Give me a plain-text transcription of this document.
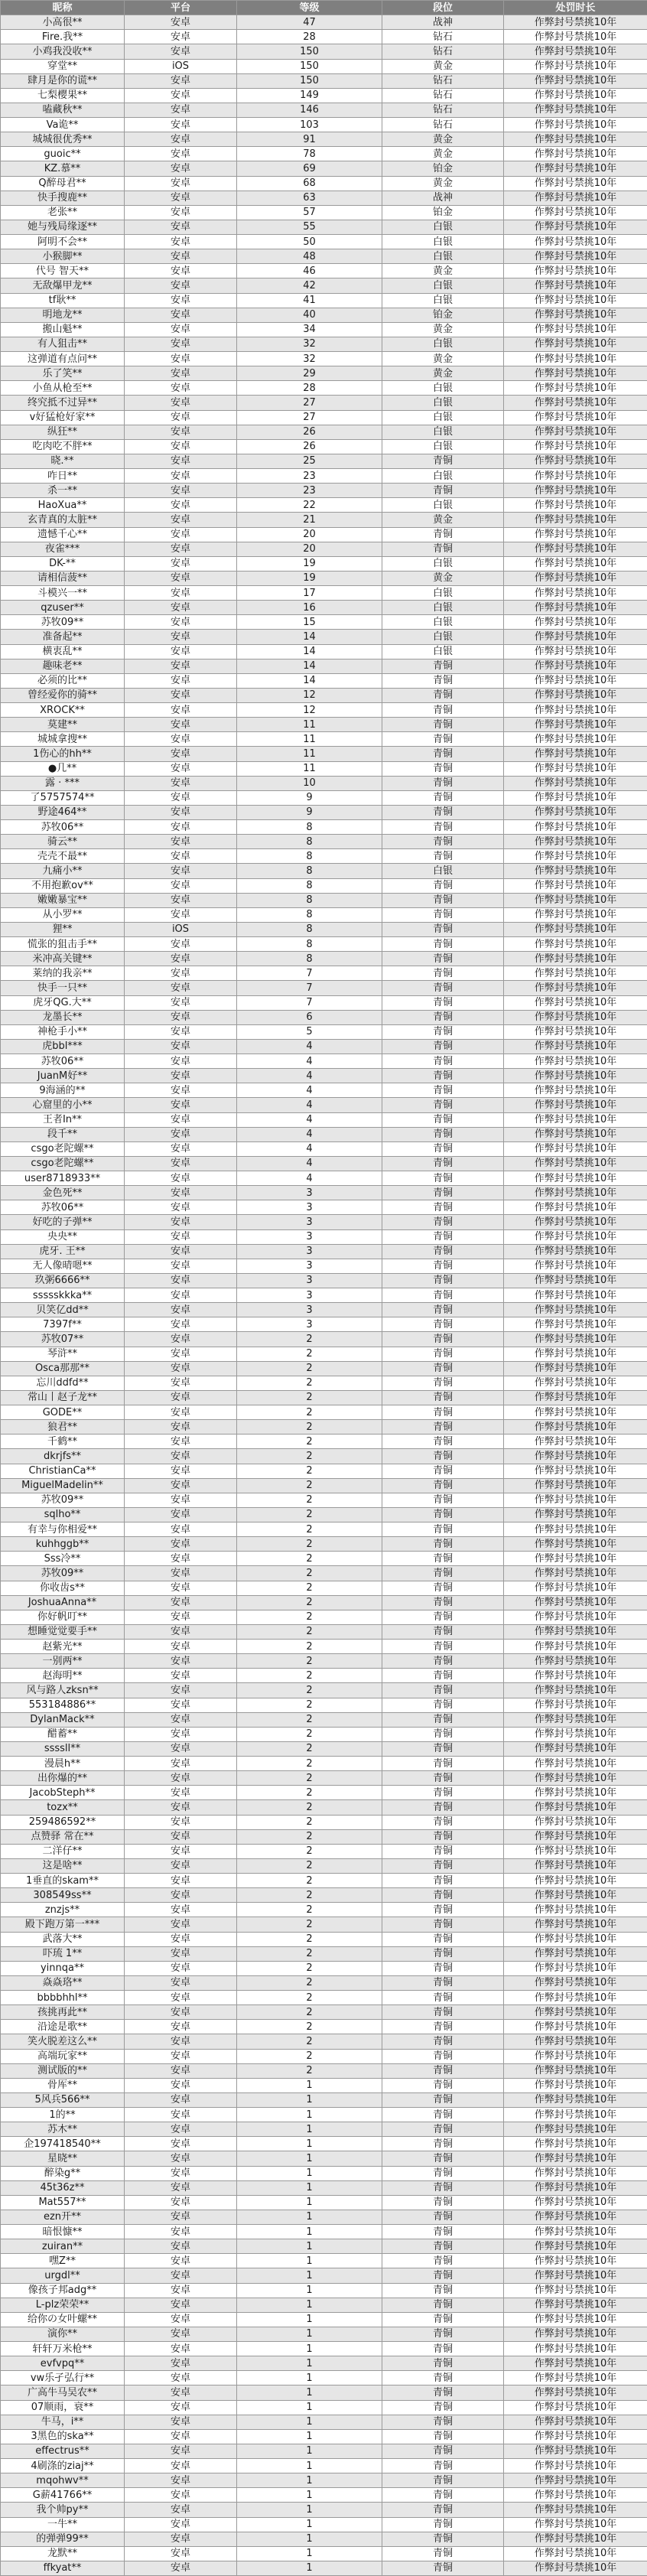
昵称	平台	等级	段位	处罚时长
小高很**	安卓	47	战神	作弊封号禁挑10年
Fire.我**	安卓	28	钻石	作弊封号禁挑10年
小鸡我没收**	安卓	150	钻石	作弊封号禁挑10年
穿堂**	iOS	150	黄金	作弊封号禁挑10年
肆月是你的谎**	安卓	150	钻石	作弊封号禁挑10年
七梨樱果**	安卓	149	钻石	作弊封号禁挑10年
嗑藏秋**	安卓	146	钻石	作弊封号禁挑10年
Va诡**	安卓	103	钻石	作弊封号禁挑10年
城城很优秀**	安卓	91	黄金	作弊封号禁挑10年
guoic**	安卓	78	黄金	作弊封号禁挑10年
KZ.慕**	安卓	69	铂金	作弊封号禁挑10年
Q醉母君**	安卓	68	黄金	作弊封号禁挑10年
快手搜鹿**	安卓	63	战神	作弊封号禁挑10年
老张**	安卓	57	铂金	作弊封号禁挑10年
她与残局缘逐**	安卓	55	白银	作弊封号禁挑10年
阿明不会**	安卓	50	白银	作弊封号禁挑10年
小猴脚**	安卓	48	白银	作弊封号禁挑10年
代号 智天**	安卓	46	黄金	作弊封号禁挑10年
无敌爆甲龙**	安卓	42	白银	作弊封号禁挑10年
tf耿**	安卓	41	白银	作弊封号禁挑10年
明地龙**	安卓	40	铂金	作弊封号禁挑10年
搬山魁**	安卓	34	黄金	作弊封号禁挑10年
有人狙击**	安卓	32	白银	作弊封号禁挑10年
这弹道有点问**	安卓	32	黄金	作弊封号禁挑10年
乐了笑**	安卓	29	黄金	作弊封号禁挑10年
小鱼从枪至**	安卓	28	白银	作弊封号禁挑10年
终究抵不过异**	安卓	27	白银	作弊封号禁挑10年
v好猛枪好家**	安卓	27	白银	作弊封号禁挑10年
纵狂**	安卓	26	白银	作弊封号禁挑10年
吃肉吃不胖**	安卓	26	白银	作弊封号禁挑10年
晓.**	安卓	25	青铜	作弊封号禁挑10年
咋日**	安卓	23	白银	作弊封号禁挑10年
杀一**	安卓	23	青铜	作弊封号禁挑10年
HaoXua**	安卓	22	白银	作弊封号禁挑10年
玄青真的太脏**	安卓	21	黄金	作弊封号禁挑10年
遗憾千心**	安卓	20	青铜	作弊封号禁挑10年
夜雀***	安卓	20	青铜	作弊封号禁挑10年
DK-**	安卓	19	白银	作弊封号禁挑10年
请相信菠**	安卓	19	黄金	作弊封号禁挑10年
斗模兴一**	安卓	17	白银	作弊封号禁挑10年
qzuser**	安卓	16	白银	作弊封号禁挑10年
苏牧09**	安卓	15	白银	作弊封号禁挑10年
准备起**	安卓	14	白银	作弊封号禁挑10年
横衷乱**	安卓	14	白银	作弊封号禁挑10年
趣味老**	安卓	14	青铜	作弊封号禁挑10年
必须的比**	安卓	14	青铜	作弊封号禁挑10年
曾经爱你的骑**	安卓	12	青铜	作弊封号禁挑10年
XROCK**	安卓	12	青铜	作弊封号禁挑10年
莫建**	安卓	11	青铜	作弊封号禁挑10年
城城拿搜**	安卓	11	青铜	作弊封号禁挑10年
1伤心的hh**	安卓	11	青铜	作弊封号禁挑10年
●几**	安卓	11	青铜	作弊封号禁挑10年
露 · ***	安卓	10	青铜	作弊封号禁挑10年
了5757574**	安卓	9	青铜	作弊封号禁挑10年
野途464**	安卓	9	青铜	作弊封号禁挑10年
苏牧06**	安卓	8	青铜	作弊封号禁挑10年
骑云**	安卓	8	青铜	作弊封号禁挑10年
壳壳不最**	安卓	8	青铜	作弊封号禁挑10年
九痛小**	安卓	8	白银	作弊封号禁挑10年
不用抱歉ov**	安卓	8	青铜	作弊封号禁挑10年
嫩嫩暴宝**	安卓	8	青铜	作弊封号禁挑10年
从小罗**	安卓	8	青铜	作弊封号禁挑10年
狸**	iOS	8	青铜	作弊封号禁挑10年
慌张的狙击手**	安卓	8	青铜	作弊封号禁挑10年
米冲高关键**	安卓	8	青铜	作弊封号禁挑10年
莱纳的我亲**	安卓	7	青铜	作弊封号禁挑10年
快手一只**	安卓	7	青铜	作弊封号禁挑10年
虎牙QG.大**	安卓	7	青铜	作弊封号禁挑10年
龙墨长**	安卓	6	青铜	作弊封号禁挑10年
神枪手小**	安卓	5	青铜	作弊封号禁挑10年
虎bbl***	安卓	4	青铜	作弊封号禁挑10年
苏牧06**	安卓	4	青铜	作弊封号禁挑10年
JuanM好**	安卓	4	青铜	作弊封号禁挑10年
9海涵的**	安卓	4	青铜	作弊封号禁挑10年
心窟里的小**	安卓	4	青铜	作弊封号禁挑10年
王者In**	安卓	4	青铜	作弊封号禁挑10年
段千**	安卓	4	青铜	作弊封号禁挑10年
csgo老陀螺**	安卓	4	青铜	作弊封号禁挑10年
csgo老陀螺**	安卓	4	青铜	作弊封号禁挑10年
user8718933**	安卓	4	青铜	作弊封号禁挑10年
金色死**	安卓	3	青铜	作弊封号禁挑10年
苏牧06**	安卓	3	青铜	作弊封号禁挑10年
好吃的子弹**	安卓	3	青铜	作弊封号禁挑10年
央央**	安卓	3	青铜	作弊封号禁挑10年
虎牙. 王**	安卓	3	青铜	作弊封号禁挑10年
无人像晴嗯**	安卓	3	青铜	作弊封号禁挑10年
玖粥6666**	安卓	3	青铜	作弊封号禁挑10年
ssssskkka**	安卓	3	青铜	作弊封号禁挑10年
贝笑亿dd**	安卓	3	青铜	作弊封号禁挑10年
7397f**	安卓	3	青铜	作弊封号禁挑10年
苏牧07**	安卓	2	青铜	作弊封号禁挑10年
琴浒**	安卓	2	青铜	作弊封号禁挑10年
Osca那那**	安卓	2	青铜	作弊封号禁挑10年
忘川ddfd**	安卓	2	青铜	作弊封号禁挑10年
常山丨赵子龙**	安卓	2	青铜	作弊封号禁挑10年
GODE**	安卓	2	青铜	作弊封号禁挑10年
狼君**	安卓	2	青铜	作弊封号禁挑10年
千鹤**	安卓	2	青铜	作弊封号禁挑10年
dkrjfs**	安卓	2	青铜	作弊封号禁挑10年
ChristianCa**	安卓	2	青铜	作弊封号禁挑10年
MiguelMadelin**	安卓	2	青铜	作弊封号禁挑10年
苏牧09**	安卓	2	青铜	作弊封号禁挑10年
sqlho**	安卓	2	青铜	作弊封号禁挑10年
有幸与你相爱**	安卓	2	青铜	作弊封号禁挑10年
kuhhggb**	安卓	2	青铜	作弊封号禁挑10年
Sss冷**	安卓	2	青铜	作弊封号禁挑10年
苏牧09**	安卓	2	青铜	作弊封号禁挑10年
你收齿s**	安卓	2	青铜	作弊封号禁挑10年
JoshuaAnna**	安卓	2	青铜	作弊封号禁挑10年
你好帆叮**	安卓	2	青铜	作弊封号禁挑10年
想睡觉觉要手**	安卓	2	青铜	作弊封号禁挑10年
赵紫光**	安卓	2	青铜	作弊封号禁挑10年
一别两**	安卓	2	青铜	作弊封号禁挑10年
赵海明**	安卓	2	青铜	作弊封号禁挑10年
风与路人zksn**	安卓	2	青铜	作弊封号禁挑10年
553184886**	安卓	2	青铜	作弊封号禁挑10年
DylanMack**	安卓	2	青铜	作弊封号禁挑10年
醋蓄**	安卓	2	青铜	作弊封号禁挑10年
ssssll**	安卓	2	青铜	作弊封号禁挑10年
漫晨h**	安卓	2	青铜	作弊封号禁挑10年
出你爆的**	安卓	2	青铜	作弊封号禁挑10年
JacobSteph**	安卓	2	青铜	作弊封号禁挑10年
tozx**	安卓	2	青铜	作弊封号禁挑10年
259486592**	安卓	2	青铜	作弊封号禁挑10年
点赞驿 常在**	安卓	2	青铜	作弊封号禁挑10年
二洋仔**	安卓	2	青铜	作弊封号禁挑10年
这是啥**	安卓	2	青铜	作弊封号禁挑10年
1垂直的skam**	安卓	2	青铜	作弊封号禁挑10年
308549ss**	安卓	2	青铜	作弊封号禁挑10年
znzjs**	安卓	2	青铜	作弊封号禁挑10年
殿下跑万第一***	安卓	2	青铜	作弊封号禁挑10年
武落大**	安卓	2	青铜	作弊封号禁挑10年
吓琉 1**	安卓	2	青铜	作弊封号禁挑10年
yinnqa**	安卓	2	青铜	作弊封号禁挑10年
焱焱珞**	安卓	2	青铜	作弊封号禁挑10年
bbbbhhl**	安卓	2	青铜	作弊封号禁挑10年
孩挑再此**	安卓	2	青铜	作弊封号禁挑10年
沿途是歌**	安卓	2	青铜	作弊封号禁挑10年
笑火脱差这么**	安卓	2	青铜	作弊封号禁挑10年
高端玩家**	安卓	2	青铜	作弊封号禁挑10年
测试版的**	安卓	2	青铜	作弊封号禁挑10年
骨厍**	安卓	1	青铜	作弊封号禁挑10年
5风兵566**	安卓	1	青铜	作弊封号禁挑10年
1的**	安卓	1	青铜	作弊封号禁挑10年
苏木**	安卓	1	青铜	作弊封号禁挑10年
企197418540**	安卓	1	青铜	作弊封号禁挑10年
星晓**	安卓	1	青铜	作弊封号禁挑10年
醉染g**	安卓	1	青铜	作弊封号禁挑10年
45t36z**	安卓	1	青铜	作弊封号禁挑10年
Mat557**	安卓	1	青铜	作弊封号禁挑10年
ezn开**	安卓	1	青铜	作弊封号禁挑10年
暗恨慷**	安卓	1	青铜	作弊封号禁挑10年
zuiran**	安卓	1	青铜	作弊封号禁挑10年
嘿Z**	安卓	1	青铜	作弊封号禁挑10年
urgdl**	安卓	1	青铜	作弊封号禁挑10年
像孩子邦adg**	安卓	1	青铜	作弊封号禁挑10年
L-plz荣荣**	安卓	1	青铜	作弊封号禁挑10年
给你の女叶螺**	安卓	1	青铜	作弊封号禁挑10年
演你**	安卓	1	青铜	作弊封号禁挑10年
轩轩万米枪**	安卓	1	青铜	作弊封号禁挑10年
evfvpq**	安卓	1	青铜	作弊封号禁挑10年
vw乐孑弘行**	安卓	1	青铜	作弊封号禁挑10年
广高牛马吴农**	安卓	1	青铜	作弊封号禁挑10年
07顺雨，衰**	安卓	1	青铜	作弊封号禁挑10年
牛马，i**	安卓	1	青铜	作弊封号禁挑10年
3黑色的ska**	安卓	1	青铜	作弊封号禁挑10年
effectrus**	安卓	1	青铜	作弊封号禁挑10年
4刷涤的ziaj**	安卓	1	青铜	作弊封号禁挑10年
mqohwv**	安卓	1	青铜	作弊封号禁挑10年
G薪41766**	安卓	1	青铜	作弊封号禁挑10年
我个帅py**	安卓	1	青铜	作弊封号禁挑10年
一牛**	安卓	1	青铜	作弊封号禁挑10年
的弹弹99**	安卓	1	青铜	作弊封号禁挑10年
龙默**	安卓	1	青铜	作弊封号禁挑10年
ffkyat**	安卓	1	青铜	作弊封号禁挑10年
